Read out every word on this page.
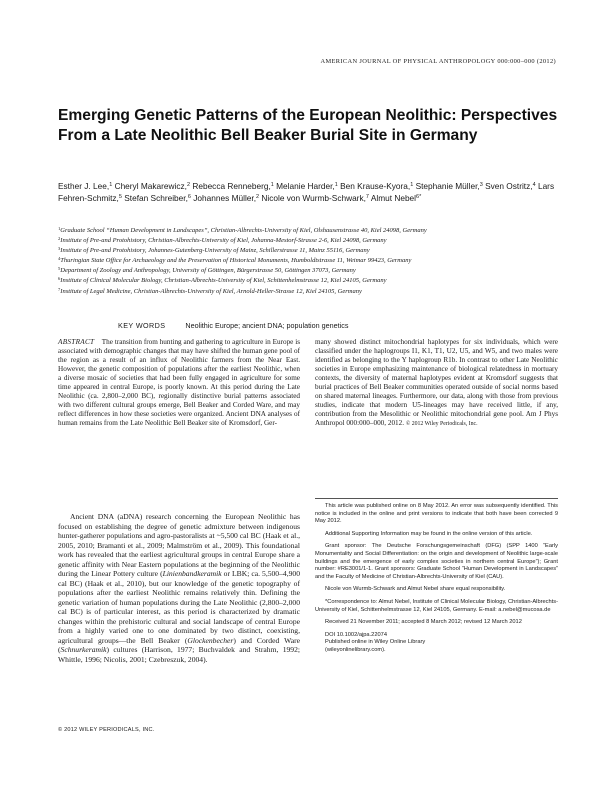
AMERICAN JOURNAL OF PHYSICAL ANTHROPOLOGY 000:000–000 (2012)
Emerging Genetic Patterns of the European Neolithic: Perspectives From a Late Neolithic Bell Beaker Burial Site in Germany
Esther J. Lee,$^1$ Cheryl Makarewicz,$^2$ Rebecca Renneberg,$^1$ Melanie Harder,$^1$ Ben Krause-Kyora,$^1$ Stephanie Müller,$^3$ Sven Ostritz,$^4$ Lars Fehren-Schmitz,$^5$ Stefan Schreiber,$^6$ Johannes Müller,$^2$ Nicole von Wurmb-Schwark,$^7$ Almut Nebel$^{6*}$
$^1$Graduate School “Human Development in Landscapes”, Christian-Albrechts-University of Kiel, Olshausenstrasse 40, Kiel 24098, Germany
$^2$Institute of Pre-and Protohistory, Christian-Albrechts-University of Kiel, Johanna-Mestorf-Strasse 2-6, Kiel 24098, Germany
$^3$Institute of Pre-and Protohistory, Johannes-Gutenberg-University of Mainz, Schillerstrasse 11, Mainz 55116, Germany
$^4$Thuringian State Office for Archaeology and the Preservation of Historical Monuments, Humboldtstrasse 11, Weimar 99423, Germany
$^5$Department of Zoology and Anthropology, University of Göttingen, Bürgerstrasse 50, Göttingen 37073, Germany
$^6$Institute of Clinical Molecular Biology, Christian-Albrechts-University of Kiel, Schittenhelmstrasse 12, Kiel 24105, Germany
$^7$Institute of Legal Medicine, Christian-Albrechts-University of Kiel, Arnold-Heller-Strasse 12, Kiel 24105, Germany
KEY WORDS	Neolithic Europe; ancient DNA; population genetics
ABSTRACT The transition from hunting and gathering to agriculture in Europe is associated with demographic changes that may have shifted the human gene pool of the region as a result of an influx of Neolithic farmers from the Near East. However, the genetic composition of populations after the earliest Neolithic, when a diverse mosaic of societies that had been fully engaged in agriculture for some time appeared in central Europe, is poorly known. At this period during the Late Neolithic (ca. 2,800–2,000 BC), regionally distinctive burial patterns associated with two different cultural groups emerge, Bell Beaker and Corded Ware, and may reflect differences in how these societies were organized. Ancient DNA analyses of human remains from the Late Neolithic Bell Beaker site of Kromsdorf, Ger-
many showed distinct mitochondrial haplotypes for six individuals, which were classified under the haplogroups I1, K1, T1, U2, U5, and W5, and two males were identified as belonging to the Y haplogroup R1b. In contrast to other Late Neolithic societies in Europe emphasizing maintenance of biological relatedness in mortuary contexts, the diversity of maternal haplotypes evident at Kromsdorf suggests that burial practices of Bell Beaker communities operated outside of social norms based on shared maternal lineages. Furthermore, our data, along with those from previous studies, indicate that modern U5-lineages may have received little, if any, contribution from the Mesolithic or Neolithic mitochondrial gene pool. Am J Phys Anthropol 000:000–000, 2012. © 2012 Wiley Periodicals, Inc.

Ancient DNA (aDNA) research concerning the European Neolithic has focused on establishing the degree of genetic admixture between indigenous hunter-gatherer populations and agro-pastoralists at ~5,500 cal BC (Haak et al., 2005, 2010; Bramanti et al., 2009; Malmström et al., 2009). This foundational work has revealed that the earliest agricultural groups in central Europe share a genetic affinity with Near Eastern populations at the beginning of the Neolithic during the Linear Pottery culture (Linienbandkeramik or LBK; ca. 5,500–4,900 cal BC) (Haak et al., 2010), but our knowledge of the genetic topography of populations after the earliest Neolithic remains relatively thin. Defining the genetic variation of human populations during the Late Neolithic (2,800–2,000 cal BC) is of particular interest, as this period is characterized by dramatic changes within the prehistoric cultural and social landscape of central Europe from a highly varied one to one dominated by two distinct, coexisting, agricultural groups—the Bell Beaker (Glockenbecher) and Corded Ware (Schnurkeramik) cultures (Harrison, 1977; Buchvaldek and Strahm, 1992; Whittle, 1996; Nicolis, 2001; Czebreszuk, 2004).

This article was published online on 8 May 2012. An error was subsequently identified. This notice is included in the online and print versions to indicate that both have been corrected 9 May 2012.

Additional Supporting Information may be found in the online version of this article.

Grant sponsor: The Deutsche Forschungsgemeinschaft (DFG) (SPP 1400 “Early Monumentality and Social Differentiation: on the origin and development of Neolithic large-scale buildings and the emergence of early complex societies in northern central Europe”); Grant number: #RE3001/1-1. Grant sponsors: Graduate School “Human Development in Landscapes” and the Faculty of Medicine of Christian-Albrechts-University of Kiel (CAU).

Nicole von Wurmb-Schwark and Almut Nebel share equal responsibility.

*Correspondence to: Almut Nebel, Institute of Clinical Molecular Biology, Christian-Albrechts-University of Kiel, Schittenhelmstrasse 12, Kiel 24105, Germany. E-mail: a.nebel@mucosa.de

Received 21 November 2011; accepted 8 March 2012; revised 12 March 2012

DOI 10.1002/ajpa.22074

Published online in Wiley Online Library

(wileyonlinelibrary.com).

© 2012 WILEY PERIODICALS, INC.
